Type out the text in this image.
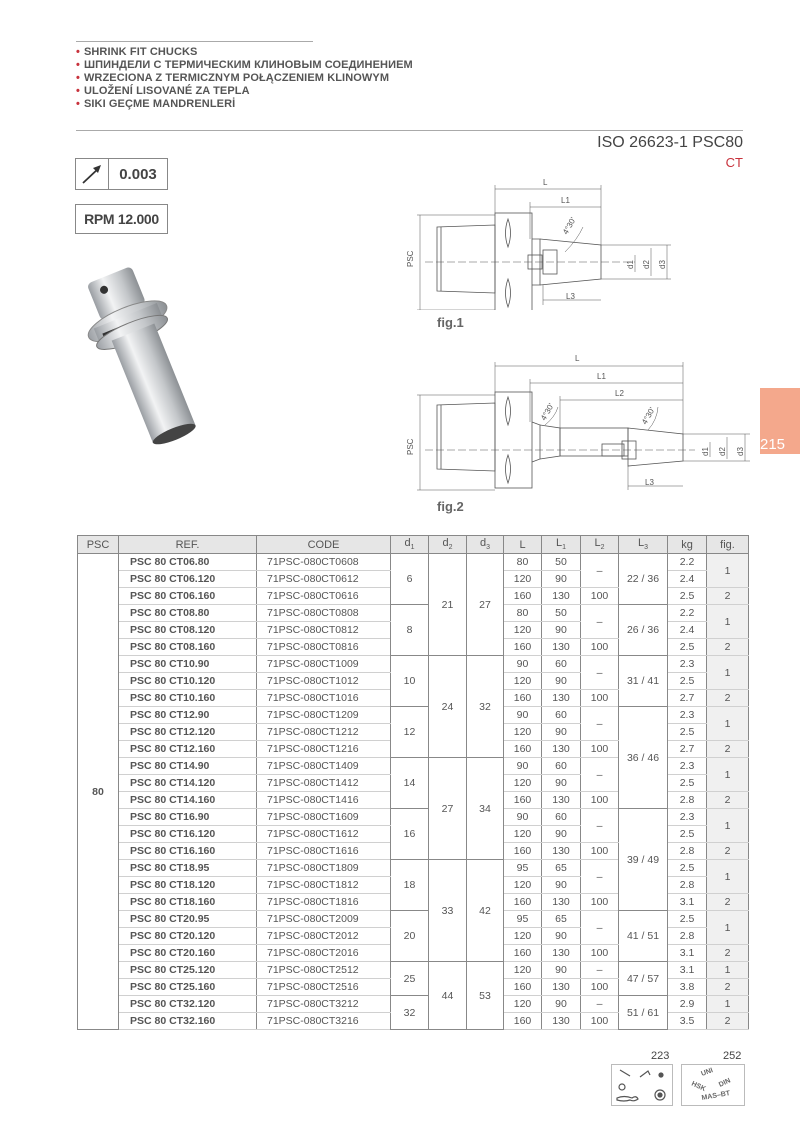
• SHRINK FIT CHUCKS
• ШПИНДЕЛИ С ТЕРМИЧЕСКИМ КЛИНОВЫМ СОЕДИНЕНИЕМ
• WRZECIONA Z TERMICZNYM POŁĄCZENIEM KLINOWYM
• ULOŽENÍ LISOVANÉ ZA TEPLA
• SIKI GEÇME MANDRENLERİ
ISO 26623-1 PSC80
CT
0.003
RPM 12.000
L
L1
L3
PSC	d1 d2 d3
4°30'
fig.1
L
L1
L2
L3
PSC	d1 d2 d3
4°30'	4°30'
fig.2
215
PSC	REF.	CODE	$d_1$	$d_2$	$d_3$	L	$L_1$	$L_2$	$L_3$	kg	fig.
80	PSC 80 CT06.80	71PSC-080CT0608	6	21	27	80	50	–	22 / 36	2.2	1
	PSC 80 CT06.120	71PSC-080CT0612				120	90			2.4	
	PSC 80 CT06.160	71PSC-080CT0616				160	130	100		2.5	2
	PSC 80 CT08.80	71PSC-080CT0808	8			80	50	–	26 / 36	2.2	1
	PSC 80 CT08.120	71PSC-080CT0812				120	90			2.4	
	PSC 80 CT08.160	71PSC-080CT0816				160	130	100		2.5	2
	PSC 80 CT10.90	71PSC-080CT1009	10	24	32	90	60	–	31 / 41	2.3	1
	PSC 80 CT10.120	71PSC-080CT1012				120	90			2.5	
	PSC 80 CT10.160	71PSC-080CT1016				160	130	100		2.7	2
	PSC 80 CT12.90	71PSC-080CT1209	12			90	60	–	36 / 46	2.3	1
	PSC 80 CT12.120	71PSC-080CT1212				120	90			2.5	
	PSC 80 CT12.160	71PSC-080CT1216				160	130	100		2.7	2
	PSC 80 CT14.90	71PSC-080CT1409	14	27	34	90	60	–		2.3	1
	PSC 80 CT14.120	71PSC-080CT1412				120	90			2.5	
	PSC 80 CT14.160	71PSC-080CT1416				160	130	100		2.8	2
	PSC 80 CT16.90	71PSC-080CT1609	16			90	60	–	39 / 49	2.3	1
	PSC 80 CT16.120	71PSC-080CT1612				120	90			2.5	
	PSC 80 CT16.160	71PSC-080CT1616				160	130	100		2.8	2
	PSC 80 CT18.95	71PSC-080CT1809	18	33	42	95	65	–		2.5	1
	PSC 80 CT18.120	71PSC-080CT1812				120	90			2.8	
	PSC 80 CT18.160	71PSC-080CT1816				160	130	100		3.1	2
	PSC 80 CT20.95	71PSC-080CT2009	20			95	65	–	41 / 51	2.5	1
	PSC 80 CT20.120	71PSC-080CT2012				120	90			2.8	
	PSC 80 CT20.160	71PSC-080CT2016				160	130	100		3.1	2
	PSC 80 CT25.120	71PSC-080CT2512	25	44	53	120	90	–	47 / 57	3.1	1
	PSC 80 CT25.160	71PSC-080CT2516				160	130	100		3.8	2
	PSC 80 CT32.120	71PSC-080CT3212	32			120	90	–	51 / 61	2.9	1
	PSC 80 CT32.160	71PSC-080CT3216				160	130	100		3.5	2
223	252
UNI
DIN
HSK
MAS–BT
